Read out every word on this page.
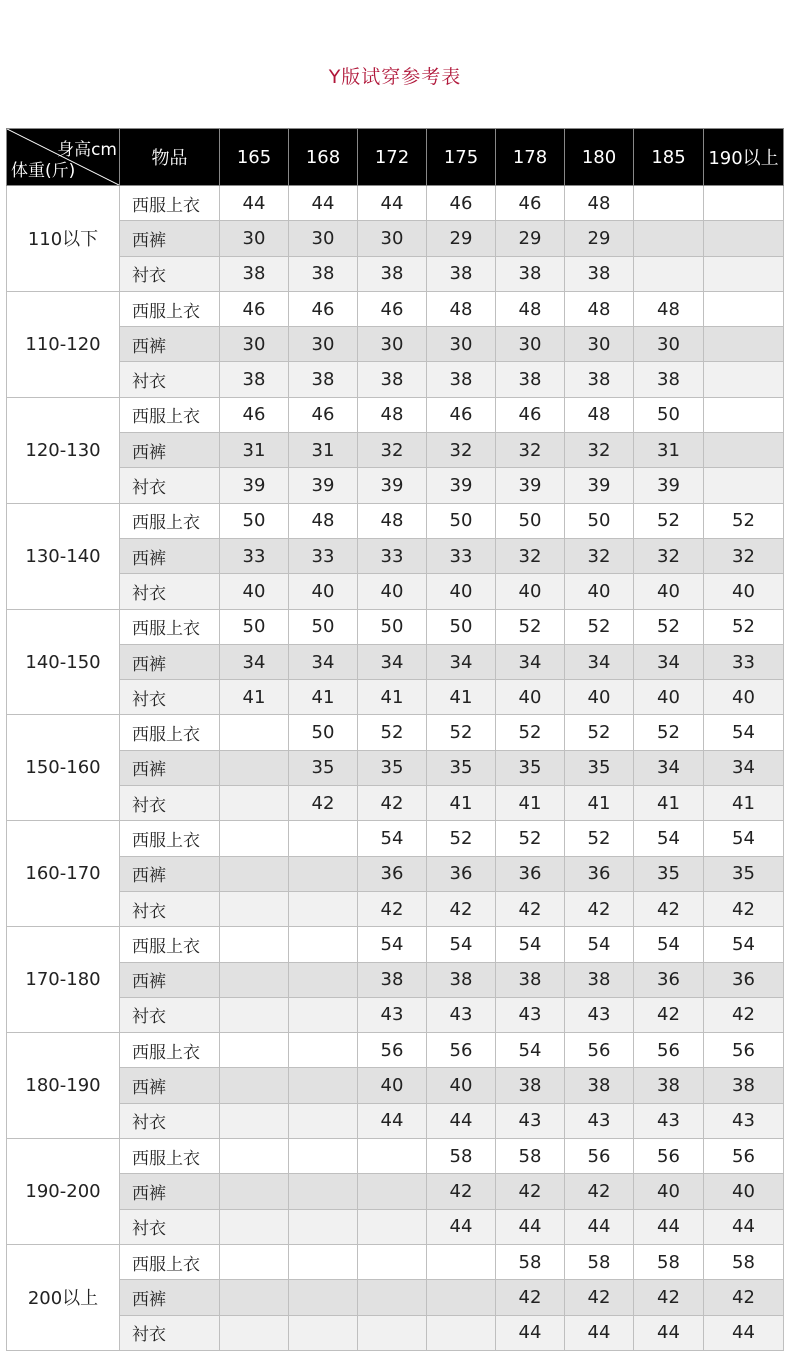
Y版试穿参考表
身高cm
体重(斤)	物品	165	168	172	175	178	180	185	190以上
110以下	西服上衣	44	44	44	46	46	48		
	西裤	30	30	30	29	29	29		
	衬衣	38	38	38	38	38	38		
110-120	西服上衣	46	46	46	48	48	48	48	
	西裤	30	30	30	30	30	30	30	
	衬衣	38	38	38	38	38	38	38	
120-130	西服上衣	46	46	48	46	46	48	50	
	西裤	31	31	32	32	32	32	31	
	衬衣	39	39	39	39	39	39	39	
130-140	西服上衣	50	48	48	50	50	50	52	52
	西裤	33	33	33	33	32	32	32	32
	衬衣	40	40	40	40	40	40	40	40
140-150	西服上衣	50	50	50	50	52	52	52	52
	西裤	34	34	34	34	34	34	34	33
	衬衣	41	41	41	41	40	40	40	40
150-160	西服上衣		50	52	52	52	52	52	54
	西裤		35	35	35	35	35	34	34
	衬衣		42	42	41	41	41	41	41
160-170	西服上衣			54	52	52	52	54	54
	西裤			36	36	36	36	35	35
	衬衣			42	42	42	42	42	42
170-180	西服上衣			54	54	54	54	54	54
	西裤			38	38	38	38	36	36
	衬衣			43	43	43	43	42	42
180-190	西服上衣			56	56	54	56	56	56
	西裤			40	40	38	38	38	38
	衬衣			44	44	43	43	43	43
190-200	西服上衣				58	58	56	56	56
	西裤				42	42	42	40	40
	衬衣				44	44	44	44	44
200以上	西服上衣					58	58	58	58
	西裤					42	42	42	42
	衬衣					44	44	44	44
